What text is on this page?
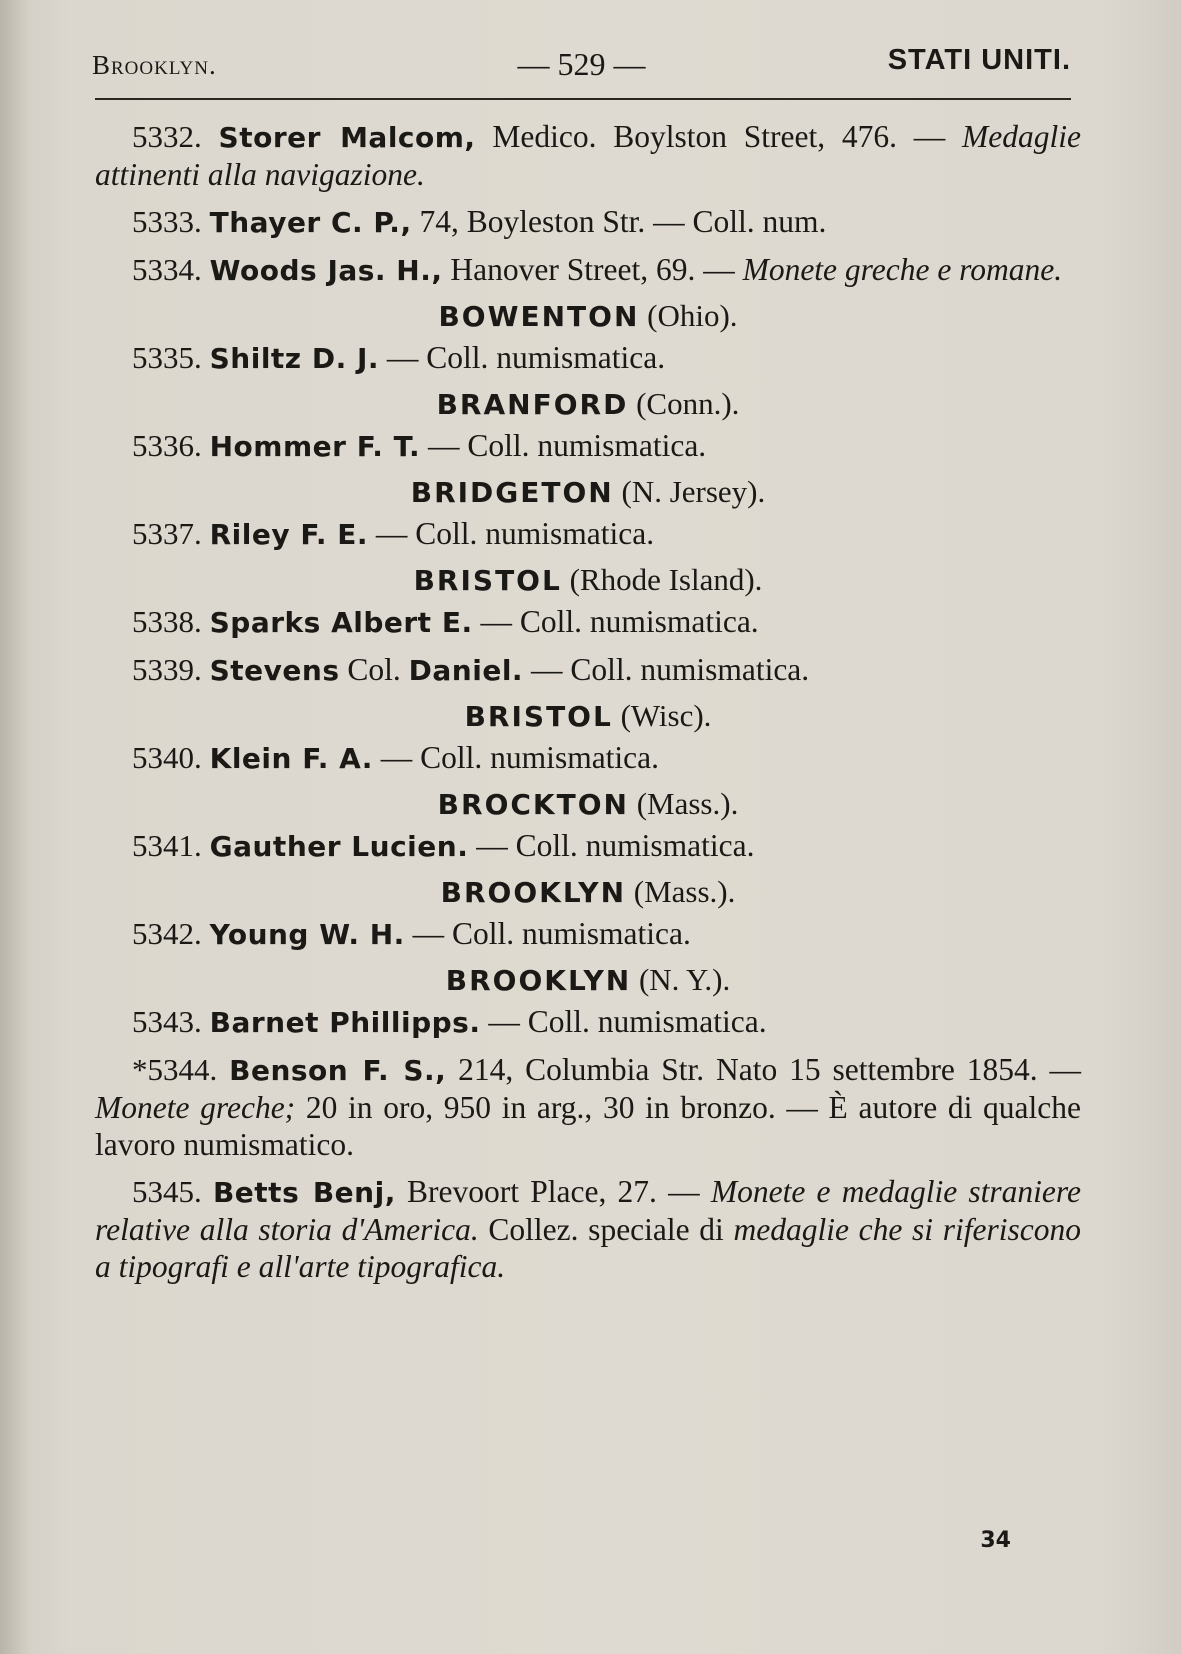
Brooklyn.	— 529 —	STATI UNITI.

5332. Storer Malcom, Medico. Boylston Street, 476. — Medaglie attinenti alla navigazione.

5333. Thayer C. P., 74, Boyleston Str. — Coll. num.

5334. Woods Jas. H., Hanover Street, 69. — Monete greche e romane.

BOWENTON (Ohio).

5335. Shiltz D. J. — Coll. numismatica.

BRANFORD (Conn.).

5336. Hommer F. T. — Coll. numismatica.

BRIDGETON (N. Jersey).

5337. Riley F. E. — Coll. numismatica.

BRISTOL (Rhode Island).

5338. Sparks Albert E. — Coll. numismatica.

5339. Stevens Col. Daniel. — Coll. numismatica.

BRISTOL (Wisc).

5340. Klein F. A. — Coll. numismatica.

BROCKTON (Mass.).

5341. Gauther Lucien. — Coll. numismatica.

BROOKLYN (Mass.).

5342. Young W. H. — Coll. numismatica.

BROOKLYN (N. Y.).

5343. Barnet Phillipps. — Coll. numismatica.

*5344. Benson F. S., 214, Columbia Str. Nato 15 settembre 1854. — Monete greche; 20 in oro, 950 in arg., 30 in bronzo. — È autore di qualche lavoro numismatico.

5345. Betts Benj, Brevoort Place, 27. — Monete e medaglie straniere relative alla storia d'America. Collez. speciale di medaglie che si riferiscono a tipografi e all'arte tipografica.

34
